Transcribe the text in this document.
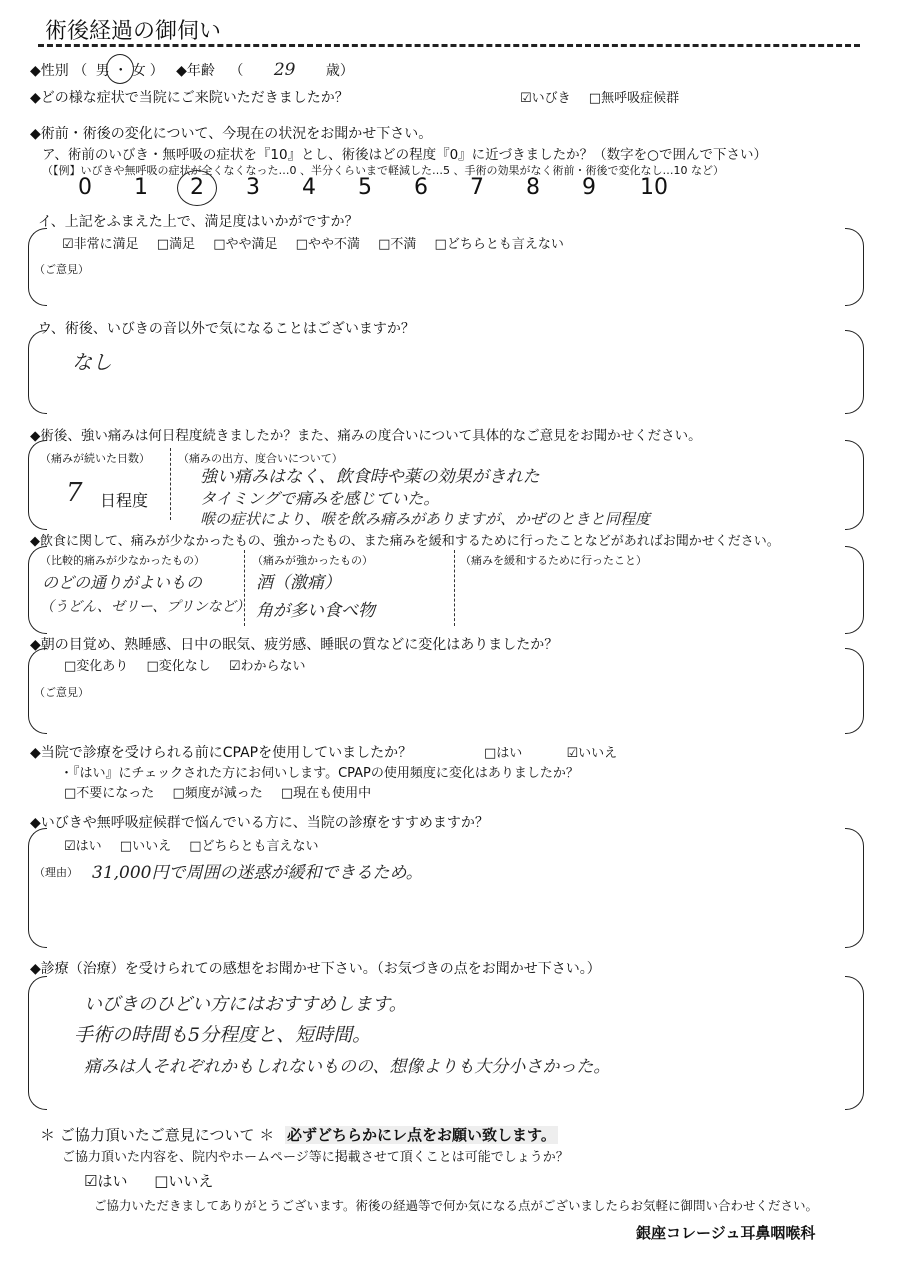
術後経過の御伺い
◆性別 （ 男 ・ 女 ） ◆年齢 （ 29 歳）
◆どの様な症状で当院にご来院いただきましたか？	☑いびき □無呼吸症候群
◆術前・術後の変化について、今現在の状況をお聞かせ下さい。
ア、術前のいびき・無呼吸の症状を『10』とし、術後はどの程度『0』に近づきましたか？（数字を○で囲んで下さい）
（【例】いびきや無呼吸の症状が全くなくなった…0 、半分くらいまで軽減した…5 、手術の効果がなく術前・術後で変化なし…10 など）
0 1 2 3 4 5 6 7 8 9 10
イ、上記をふまえた上で、満足度はいかがですか？
☑非常に満足 □満足 □やや満足 □やや不満 □不満 □どちらとも言えない
（ご意見）
ウ、術後、いびきの音以外で気になることはございますか？
なし
◆術後、強い痛みは何日程度続きましたか？また、痛みの度合いについて具体的なご意見をお聞かせください。
（痛みが続いた日数）
7 日程度
（痛みの出方、度合いについて）
強い痛みはなく、飲食時や薬の効果がきれた
タイミングで痛みを感じていた。
喉の症状により、喉を飲み痛みがありますが、かぜのときと同程度
◆飲食に関して、痛みが少なかったもの、強かったもの、また痛みを緩和するために行ったことなどがあればお聞かせください。
（比較的痛みが少なかったもの）
のどの通りがよいもの
（うどん、ゼリー、プリンなど）
（痛みが強かったもの）
酒（激痛）
角が多い食べ物
（痛みを緩和するために行ったこと）
◆朝の目覚め、熟睡感、日中の眠気、疲労感、睡眠の質などに変化はありましたか？
□変化あり □変化なし ☑わからない
（ご意見）
◆当院で診療を受けられる前にCPAPを使用していましたか？	□はい	☑いいえ
・『はい』にチェックされた方にお伺いします。CPAPの使用頻度に変化はありましたか？
□不要になった □頻度が減った □現在も使用中
◆いびきや無呼吸症候群で悩んでいる方に、当院の診療をすすめますか？
☑はい □いいえ □どちらとも言えない
（理由） 31,000円で周囲の迷惑が緩和できるため。
◆診療（治療）を受けられての感想をお聞かせ下さい。（お気づきの点をお聞かせ下さい。）
いびきのひどい方にはおすすめします。
手術の時間も5分程度と、短時間。
痛みは人それぞれかもしれないものの、想像よりも大分小さかった。
＊ ご協力頂いたご意見について ＊ 必ずどちらかにレ点をお願い致します。
ご協力頂いた内容を、院内やホームページ等に掲載させて頂くことは可能でしょうか？
☑はい □いいえ
ご協力いただきましてありがとうございます。術後の経過等で何か気になる点がございましたらお気軽に御問い合わせください。
銀座コレージュ耳鼻咽喉科
